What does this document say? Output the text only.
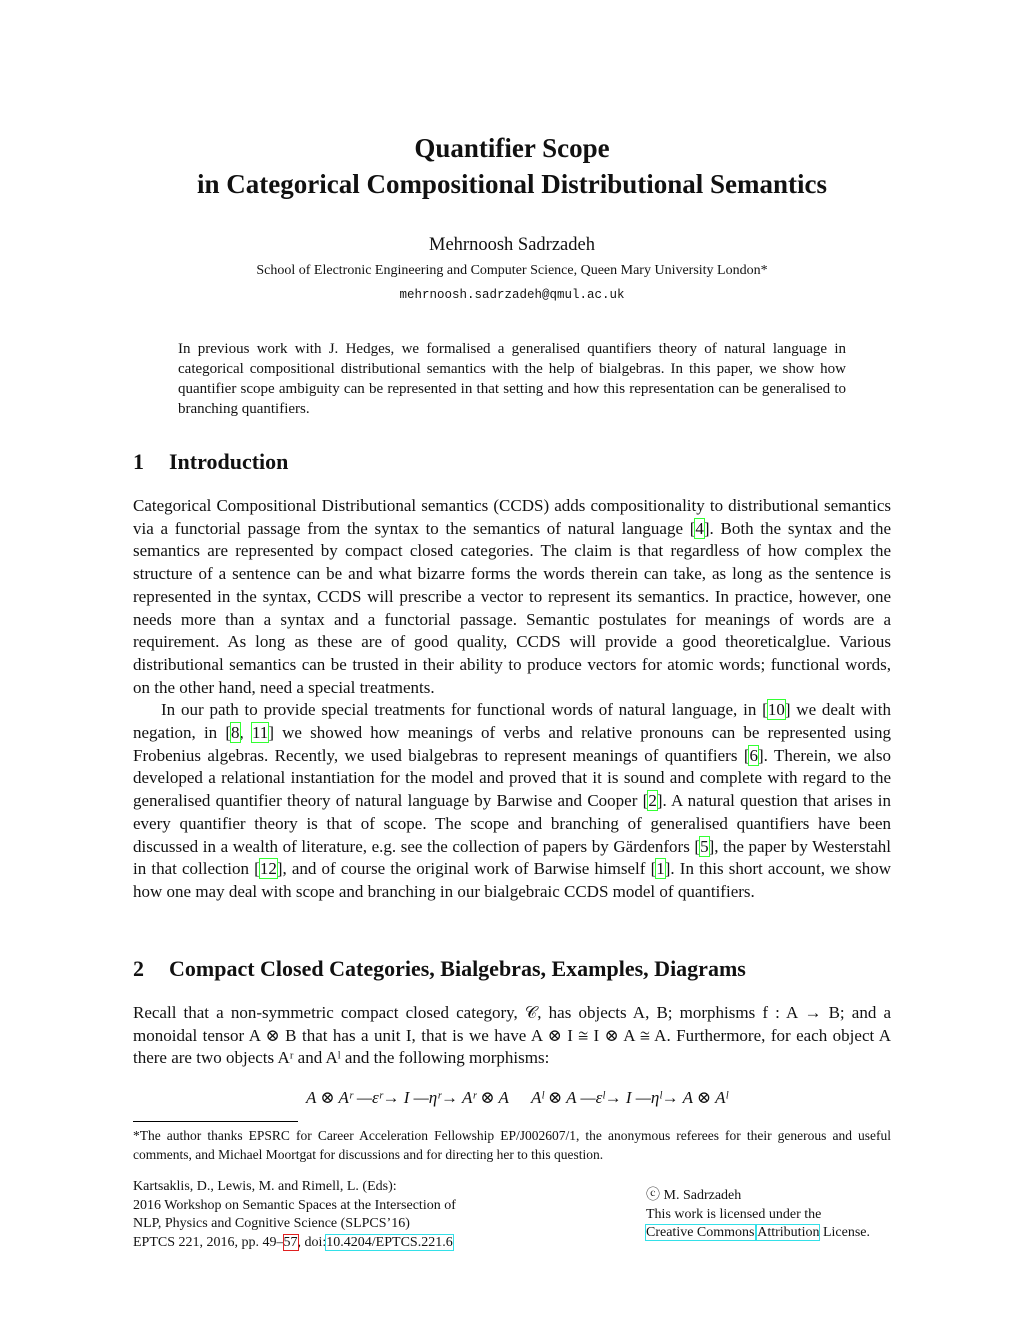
Quantifier Scope
in Categorical Compositional Distributional Semantics
Mehrnoosh Sadrzadeh
School of Electronic Engineering and Computer Science, Queen Mary University London*
mehrnoosh.sadrzadeh@qmul.ac.uk
In previous work with J. Hedges, we formalised a generalised quantifiers theory of natural language in categorical compositional distributional semantics with the help of bialgebras. In this paper, we show how quantifier scope ambiguity can be represented in that setting and how this representation can be generalised to branching quantifiers.
1 Introduction

Categorical Compositional Distributional semantics (CCDS) adds compositionality to distributional semantics via a functorial passage from the syntax to the semantics of natural language [4]. Both the syntax and the semantics are represented by compact closed categories. The claim is that regardless of how complex the structure of a sentence can be and what bizarre forms the words therein can take, as long as the sentence is represented in the syntax, CCDS will prescribe a vector to represent its semantics. In practice, however, one needs more than a syntax and a functorial passage. Semantic postulates for meanings of words are a requirement. As long as these are of good quality, CCDS will provide a good theoreticalglue. Various distributional semantics can be trusted in their ability to produce vectors for atomic words; functional words, on the other hand, need a special treatments.

In our path to provide special treatments for functional words of natural language, in [10] we dealt with negation, in [8, 11] we showed how meanings of verbs and relative pronouns can be represented using Frobenius algebras. Recently, we used bialgebras to represent meanings of quantifiers [6]. Therein, we also developed a relational instantiation for the model and proved that it is sound and complete with regard to the generalised quantifier theory of natural language by Barwise and Cooper [2]. A natural question that arises in every quantifier theory is that of scope. The scope and branching of generalised quantifiers have been discussed in a wealth of literature, e.g. see the collection of papers by Gärdenfors [5], the paper by Westerstahl in that collection [12], and of course the original work of Barwise himself [1]. In this short account, we show how one may deal with scope and branching in our bialgebraic CCDS model of quantifiers.

2 Compact Closed Categories, Bialgebras, Examples, Diagrams
Recall that a non-symmetric compact closed category, 𝒞, has objects A, B; morphisms f : A → B; and a monoidal tensor A ⊗ B that has a unit I, that is we have A ⊗ I ≅ I ⊗ A ≅ A. Furthermore, for each object A there are two objects Aʳ and Aˡ and the following morphisms:
A ⊗ Aʳ —εʳ→ I —ηʳ→ Aʳ ⊗ A Aˡ ⊗ A —εˡ→ I —ηˡ→ A ⊗ Aˡ
*The author thanks EPSRC for Career Acceleration Fellowship EP/J002607/1, the anonymous referees for their generous and useful comments, and Michael Moortgat for discussions and for directing her to this question.
Kartsaklis, D., Lewis, M. and Rimell, L. (Eds):
2016 Workshop on Semantic Spaces at the Intersection of
NLP, Physics and Cognitive Science (SLPCS’16)
EPTCS 221, 2016, pp. 49–57, doi:10.4204/EPTCS.221.6
ⓒ M. Sadrzadeh
This work is licensed under the
Creative Commons Attribution License.
